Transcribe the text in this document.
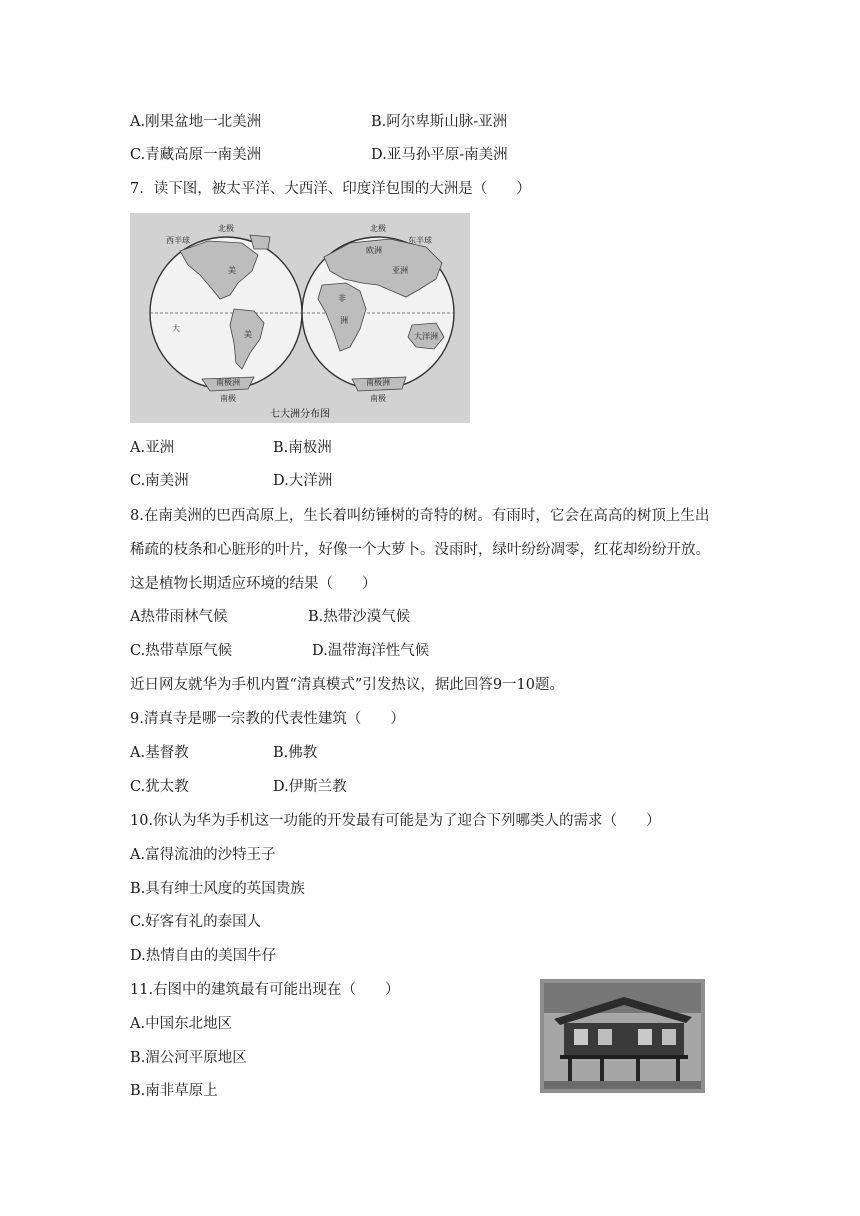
A.刚果盆地一北美洲	B.阿尔卑斯山脉-亚洲
C.青藏高原一南美洲	D.亚马孙平原-南美洲
7．读下图，被太平洋、大西洋、印度洋包围的大洲是（　　）
北极	北极
西半球	东半球
美
美
大
欧洲
亚洲
非
洲
大洋洲
南极洲	南极洲
南极	南极
七大洲分布图
A.亚洲	B.南极洲
C.南美洲	D.大洋洲
8.在南美洲的巴西高原上，生长着叫纺锤树的奇特的树。有雨时，它会在高高的树顶上生出
稀疏的枝条和心脏形的叶片，好像一个大萝卜。没雨时，绿叶纷纷凋零，红花却纷纷开放。
这是植物长期适应环境的结果（　　）
A热带雨林气候	B.热带沙漠气候
C.热带草原气候	D.温带海洋性气候
近日网友就华为手机内置“清真模式”引发热议，据此回答9一10题。
9.清真寺是哪一宗教的代表性建筑（　　）
A.基督教	B.佛教
C.犹太教	D.伊斯兰教
10.你认为华为手机这一功能的开发最有可能是为了迎合下列哪类人的需求（　　）
A.富得流油的沙特王子
B.具有绅士风度的英国贵族
C.好客有礼的泰国人
D.热情自由的美国牛仔
11.右图中的建筑最有可能出现在（　　）
A.中国东北地区
B.湄公河平原地区
B.南非草原上
